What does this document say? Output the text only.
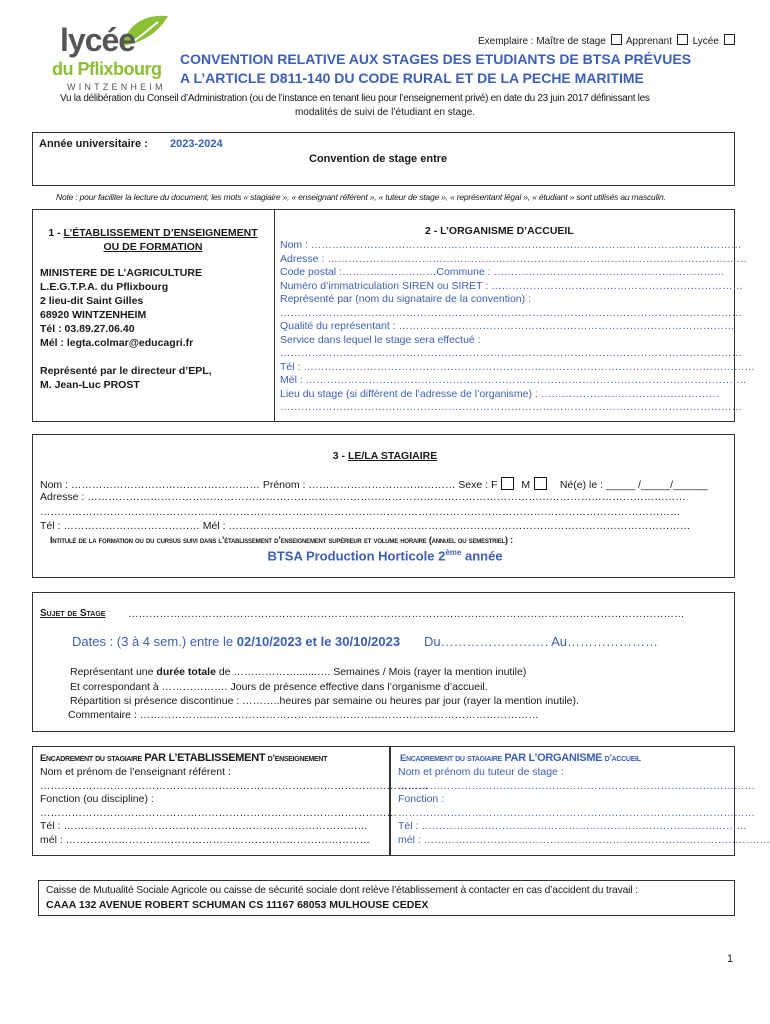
lycée
du Pflixbourg
WINTZENHEIM
Exemplaire : Maître de stage Apprenant Lycée
CONVENTION RELATIVE AUX STAGES DES ETUDIANTS DE BTSA PRÉVUES
A L’ARTICLE D811-140 DU CODE RURAL ET DE LA PECHE MARITIME
Vu la délibération du Conseil d’Administration (ou de l’instance en tenant lieu pour l’enseignement privé) en date du 23 juin 2017 définissant les
modalités de suivi de l’étudiant en stage.
Année universitaire : 2023-2024
Convention de stage entre
Note : pour faciliter la lecture du document, les mots « stagiaire », « enseignant référent », « tuteur de stage », « représentant légal », « étudiant » sont utilisés au masculin.
1 - L’ÉTABLISSEMENT D’ENSEIGNEMENT
OU DE FORMATION
MINISTERE DE L’AGRICULTURE
L.E.G.T.P.A. du Pflixbourg
2 lieu-dit Saint Gilles
68920 WINTZENHEIM
Tél : 03.89.27.06.40
Mél : legta.colmar@educagri.fr
Représenté par le directeur d’EPL,
M. Jean-Luc PROST
2 - L’ORGANISME D’ACCUEIL
Nom : ……………………………………………………………………………………………………………
Adresse : …………………………………………………………………………………………………………
Code postal :………………………Commune : …………………………………………………………
Numéro d’immatriculation SIREN ou SIRET : ………………………………………………………………
Représenté par (nom du signataire de la convention) :
……………………………………………………………………………………………………………………
Qualité du représentant : ……………………………………………………………………………………
Service dans lequel le stage sera effectué :
……………………………………………………………………………………………………………………
Tél : …………………………………………………………………………………………………………………
Mél : ………………………………………………………………………………………………………………
Lieu du stage (si différent de l’adresse de l’organisme) : ……………………………………………
……………………………………………………………………………………………………………………
3 - LE/LA STAGIAIRE
Nom : ……………………………………………… Prénom : …………………………………… Sexe : F M	Né(e) le : _____ /_____/______
Adresse : ………………………………………………………………………………………………………………………………………………………
…………………………………………………………………………………………………………………………………………………………………
Tél : ………………………………… Mél : ……………………………………………………………………………………………………………………
Intitulé de la formation ou du cursus suivi dans l’établissement d’enseignement supérieur et volume horaire (annuel ou semestriel) :
BTSA Production Horticole 2ème année
Sujet de Stage ……………………………………………………………………………………………………………………………………………
Dates : (3 à 4 sem.) entre le 02/10/2023 et le 30/10/2023 Du……………………. Au…………………
Représentant une durée totale de ……………….......…. Semaines / Mois (rayer la mention inutile)
Et correspondant à ………………. Jours de présence effective dans l’organisme d’accueil.
Répartition si présence discontinue : ………..heures par semaine ou heures par jour (rayer la mention inutile).
Commentaire : ……………………………………………………………………………………………………
Encadrement du stagiaire PAR L’ETABLISSEMENT d’enseignement
Nom et prénom de l’enseignant référent :
…………………………………………………………………………………………………
Fonction (ou discipline) :
…………………………………………………………………………………………
Tél : ……………………………………………………………………………
mél : ……………………………………………………………………………
Encadrement du stagiaire PAR L’ORGANISME d’accueil
Nom et prénom du tuteur de stage :
…………………………………………………………………………………………
Fonction :
…………………………………………………………………………………………
Tél : …………………………………………………………………………………
mél : ………………………………………………………………………………………
Caisse de Mutualité Sociale Agricole ou caisse de sécurité sociale dont relève l’établissement à contacter en cas d’accident du travail :
CAAA 132 AVENUE ROBERT SCHUMAN CS 11167 68053 MULHOUSE CEDEX
1
